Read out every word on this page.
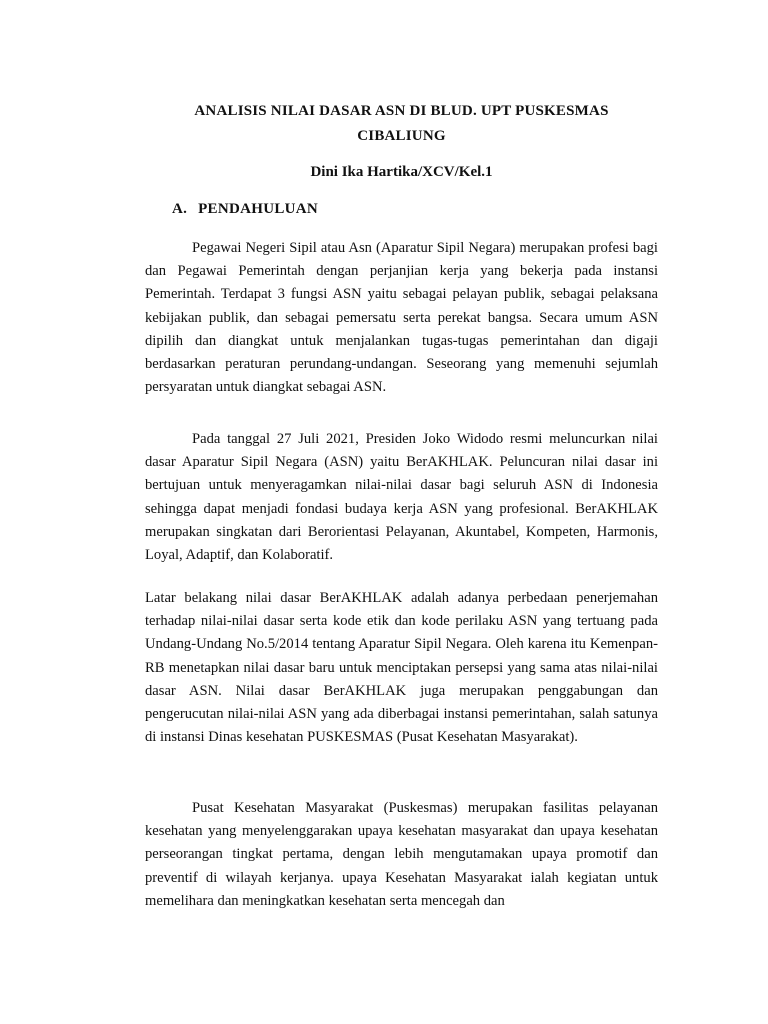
ANALISIS NILAI DASAR ASN DI BLUD. UPT PUSKESMAS
CIBALIUNG
Dini Ika Hartika/XCV/Kel.1
A. PENDAHULUAN

Pegawai Negeri Sipil atau Asn (Aparatur Sipil Negara) merupakan profesi bagi dan Pegawai Pemerintah dengan perjanjian kerja yang bekerja pada instansi Pemerintah. Terdapat 3 fungsi ASN yaitu sebagai pelayan publik, sebagai pelaksana kebijakan publik, dan sebagai pemersatu serta perekat bangsa. Secara umum ASN dipilih dan diangkat untuk menjalankan tugas-tugas pemerintahan dan digaji berdasarkan peraturan perundang-undangan. Seseorang yang memenuhi sejumlah persyaratan untuk diangkat sebagai ASN.

Pada tanggal 27 Juli 2021, Presiden Joko Widodo resmi meluncurkan nilai dasar Aparatur Sipil Negara (ASN) yaitu BerAKHLAK. Peluncuran nilai dasar ini bertujuan untuk menyeragamkan nilai-nilai dasar bagi seluruh ASN di Indonesia sehingga dapat menjadi fondasi budaya kerja ASN yang profesional. BerAKHLAK merupakan singkatan dari Berorientasi Pelayanan, Akuntabel, Kompeten, Harmonis, Loyal, Adaptif, dan Kolaboratif.

Latar belakang nilai dasar BerAKHLAK adalah adanya perbedaan penerjemahan terhadap nilai-nilai dasar serta kode etik dan kode perilaku ASN yang tertuang pada Undang-Undang No.5/2014 tentang Aparatur Sipil Negara. Oleh karena itu Kemenpan-RB menetapkan nilai dasar baru untuk menciptakan persepsi yang sama atas nilai-nilai dasar ASN. Nilai dasar BerAKHLAK juga merupakan penggabungan dan pengerucutan nilai-nilai ASN yang ada diberbagai instansi pemerintahan, salah satunya di instansi Dinas kesehatan PUSKESMAS (Pusat Kesehatan Masyarakat).

Pusat Kesehatan Masyarakat (Puskesmas) merupakan fasilitas pelayanan kesehatan yang menyelenggarakan upaya kesehatan masyarakat dan upaya kesehatan perseorangan tingkat pertama, dengan lebih mengutamakan upaya promotif dan preventif di wilayah kerjanya. upaya Kesehatan Masyarakat ialah kegiatan untuk memelihara dan meningkatkan kesehatan serta mencegah dan
